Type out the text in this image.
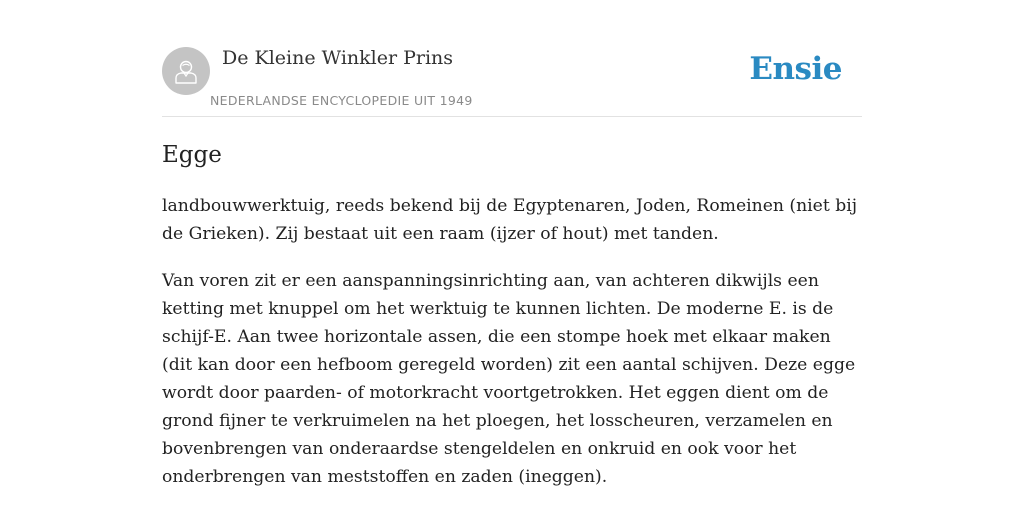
De Kleine Winkler Prins
NEDERLANDSE ENCYCLOPEDIE UIT 1949
Ensie
Egge

landbouwwerktuig, reeds bekend bij de Egyptenaren, Joden, Romeinen (niet bij de Grieken). Zij bestaat uit een raam (ijzer of hout) met tanden.

Van voren zit er een aanspanningsinrichting aan, van achteren dikwijls een ketting met knuppel om het werktuig te kunnen lichten. De moderne E. is de schijf-E. Aan twee horizontale assen, die een stompe hoek met elkaar maken (dit kan door een hefboom geregeld worden) zit een aantal schijven. Deze egge wordt door paarden- of motorkracht voortgetrokken. Het eggen dient om de grond fijner te verkruimelen na het ploegen, het losscheuren, verzamelen en bovenbrengen van onderaardse stengeldelen en onkruid en ook voor het onderbrengen van meststoffen en zaden (ineggen).
